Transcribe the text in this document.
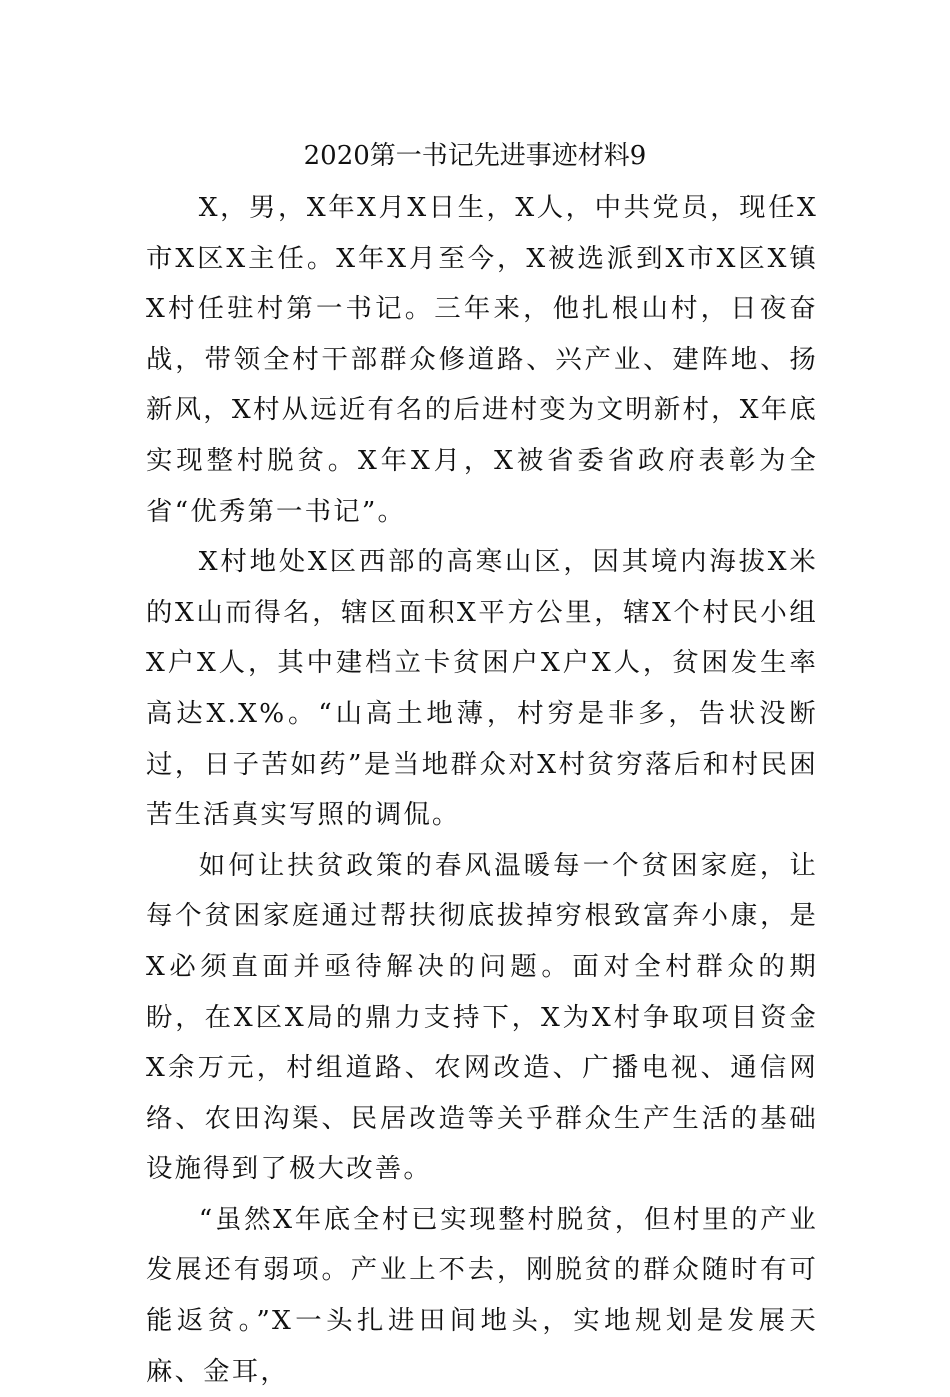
2020第一书记先进事迹材料9

X，男，X年X月X日生，X人，中共党员，现任X市X区X主任。X年X月至今，X被选派到X市X区X镇X村任驻村第一书记。三年来，他扎根山村，日夜奋战，带领全村干部群众修道路、兴产业、建阵地、扬新风，X村从远近有名的后进村变为文明新村，X年底实现整村脱贫。X年X月，X被省委省政府表彰为全省“优秀第一书记”。

X村地处X区西部的高寒山区，因其境内海拔X米的X山而得名，辖区面积X平方公里，辖X个村民小组X户X人，其中建档立卡贫困户X户X人，贫困发生率高达X.X%。“山高土地薄，村穷是非多，告状没断过，日子苦如药”是当地群众对X村贫穷落后和村民困苦生活真实写照的调侃。

如何让扶贫政策的春风温暖每一个贫困家庭，让每个贫困家庭通过帮扶彻底拔掉穷根致富奔小康，是X必须直面并亟待解决的问题。面对全村群众的期盼，在X区X局的鼎力支持下，X为X村争取项目资金X余万元，村组道路、农网改造、广播电视、通信网络、农田沟渠、民居改造等关乎群众生产生活的基础设施得到了极大改善。

“虽然X年底全村已实现整村脱贫，但村里的产业发展还有弱项。产业上不去，刚脱贫的群众随时有可能返贫。”X一头扎进田间地头，实地规划是发展天麻、金耳，
